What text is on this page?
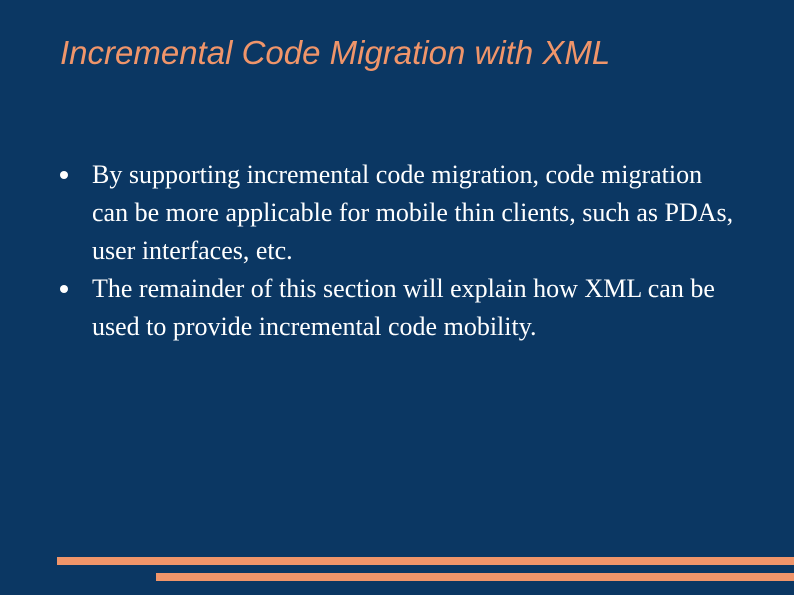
Incremental Code Migration with XML
By supporting incremental code migration, code migration can be more applicable for mobile thin clients, such as PDAs, user interfaces, etc.
The remainder of this section will explain how XML can be used to provide incremental code mobility.
